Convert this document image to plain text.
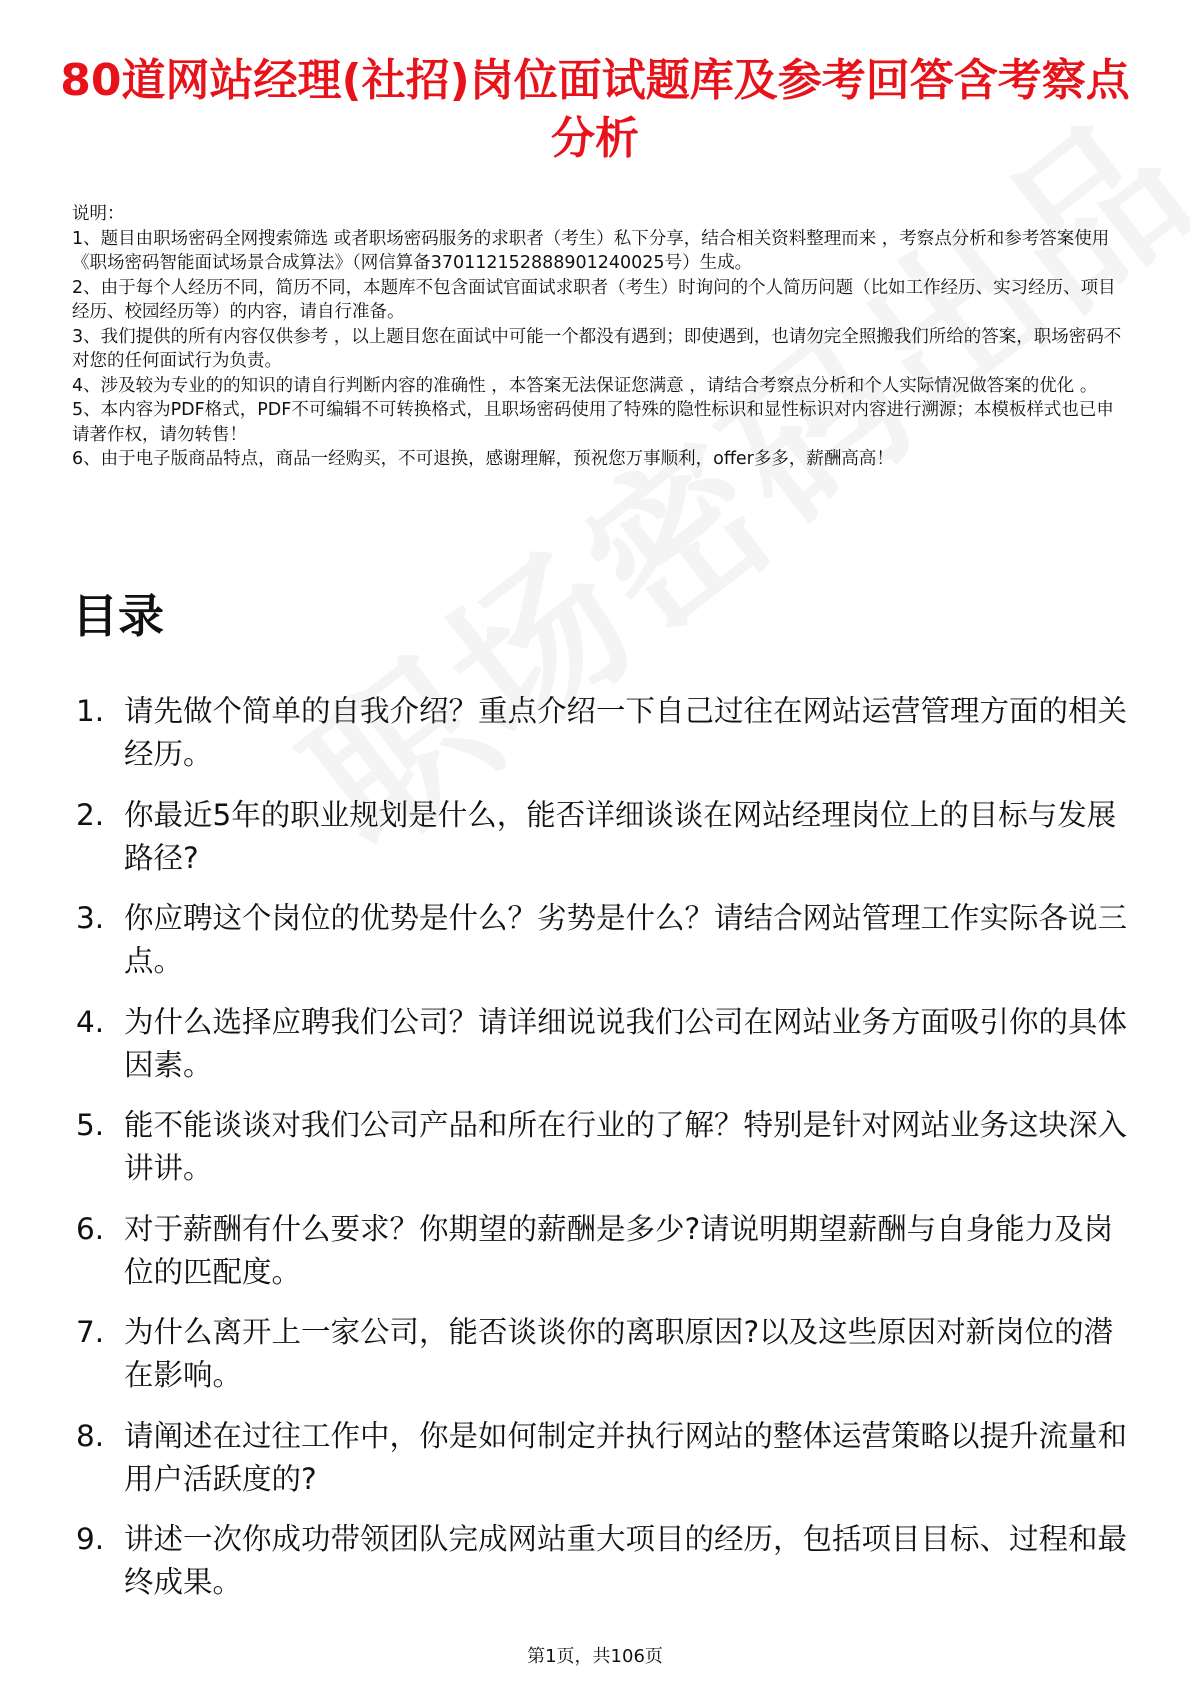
80道网站经理(社招)岗位面试题库及参考回答含考察点分析

说明：

1、题目由职场密码全网搜索筛选 或者职场密码服务的求职者（考生）私下分享，结合相关资料整理而来 ，考察点分析和参考答案使用《职场密码智能面试场景合成算法》（网信算备370112152888901240025号）生成。

2、由于每个人经历不同，简历不同，本题库不包含面试官面试求职者（考生）时询问的个人简历问题（比如工作经历、实习经历、项目经历、校园经历等）的内容，请自行准备。

3、我们提供的所有内容仅供参考 ，以上题目您在面试中可能一个都没有遇到；即使遇到，也请勿完全照搬我们所给的答案，职场密码不对您的任何面试行为负责。

4、涉及较为专业的的知识的请自行判断内容的准确性 ，本答案无法保证您满意 ，请结合考察点分析和个人实际情况做答案的优化 。

5、本内容为PDF格式，PDF不可编辑不可转换格式，且职场密码使用了特殊的隐性标识和显性标识对内容进行溯源；本模板样式也已申请著作权，请勿转售！

6、由于电子版商品特点，商品一经购买，不可退换，感谢理解，预祝您万事顺利，offer多多，薪酬高高！

目录
1. 请先做个简单的自我介绍？重点介绍一下自己过往在网站运营管理方面的相关经历。
2. 你最近5年的职业规划是什么，能否详细谈谈在网站经理岗位上的目标与发展路径?
3. 你应聘这个岗位的优势是什么？劣势是什么？请结合网站管理工作实际各说三点。
4. 为什么选择应聘我们公司？请详细说说我们公司在网站业务方面吸引你的具体因素。
5. 能不能谈谈对我们公司产品和所在行业的了解？特别是针对网站业务这块深入讲讲。
6. 对于薪酬有什么要求？你期望的薪酬是多少?请说明期望薪酬与自身能力及岗位的匹配度。
7. 为什么离开上一家公司，能否谈谈你的离职原因?以及这些原因对新岗位的潜在影响。
8. 请阐述在过往工作中，你是如何制定并执行网站的整体运营策略以提升流量和用户活跃度的?
9. 讲述一次你成功带领团队完成网站重大项目的经历，包括项目目标、过程和最终成果。
第1页，共106页
